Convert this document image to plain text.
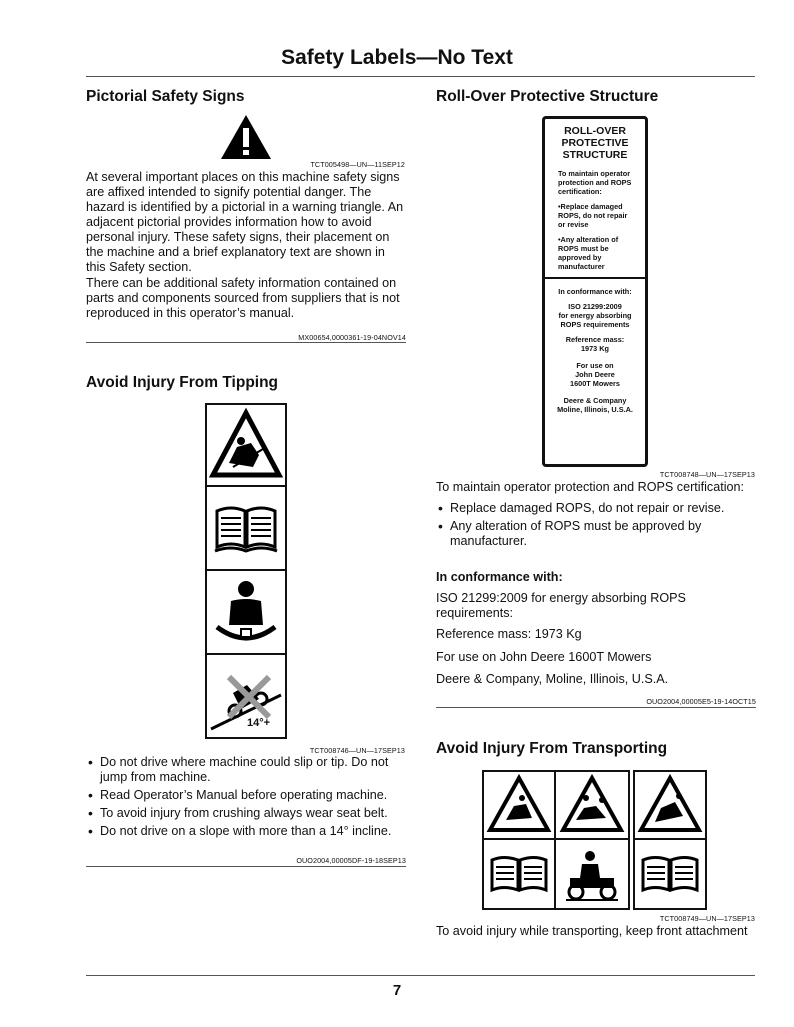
Safety Labels—No Text
Pictorial Safety Signs
TCT005498—UN—11SEP12
At several important places on this machine safety signs are affixed intended to signify potential danger. The hazard is identified by a pictorial in a warning triangle. An adjacent pictorial provides information how to avoid personal injury. These safety signs, their placement on the machine and a brief explanatory text are shown in this Safety section.
There can be additional safety information contained on parts and components sourced from suppliers that is not reproduced in this operator’s manual.
MX00654,0000361-19-04NOV14
Avoid Injury From Tipping
14°+
TCT008746—UN—17SEP13
• Do not drive where machine could slip or tip. Do not jump from machine.
• Read Operator’s Manual before operating machine.
• To avoid injury from crushing always wear seat belt.
• Do not drive on a slope with more than a 14° incline.
OUO2004,00005DF-19-18SEP13
Roll-Over Protective Structure
ROLL-OVER
PROTECTIVE
STRUCTURE
To maintain operator
protection and ROPS
certification:
•Replace damaged
ROPS, do not repair
or revise
•Any alteration of
ROPS must be
approved by
manufacturer
In conformance with:
ISO 21299:2009
for energy absorbing
ROPS requirements
Reference mass:
1973 Kg
For use on
John Deere
1600T Mowers
Deere & Company
Moline, Illinois, U.S.A.
TCT008748—UN—17SEP13
To maintain operator protection and ROPS certification:
• Replace damaged ROPS, do not repair or revise.
• Any alteration of ROPS must be approved by manufacturer.
In conformance with:
ISO 21299:2009 for energy absorbing ROPS requirements:
Reference mass: 1973 Kg
For use on John Deere 1600T Mowers
Deere & Company, Moline, Illinois, U.S.A.
OUO2004,00005E5-19-14OCT15
Avoid Injury From Transporting
TCT008749—UN—17SEP13
To avoid injury while transporting, keep front attachment
7
